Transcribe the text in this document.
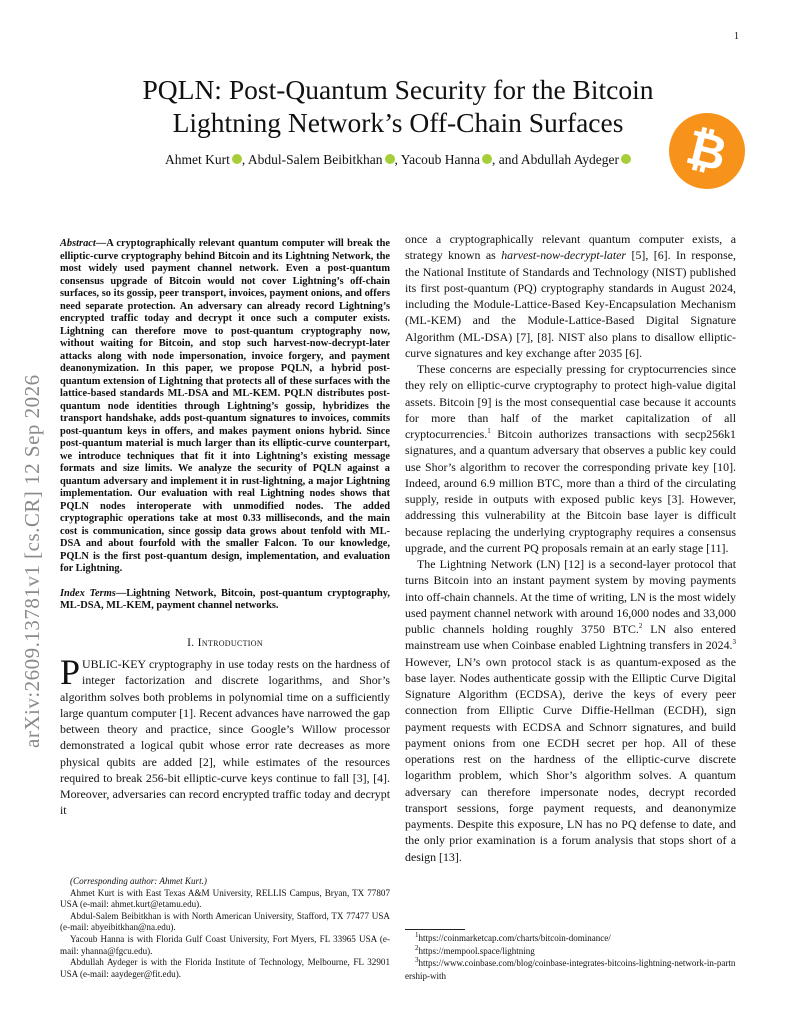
1
arXiv:2609.13781v1 [cs.CR] 12 Sep 2026
PQLN: Post-Quantum Security for the Bitcoin
Lightning Network’s Off-Chain Surfaces
Ahmet Kurt , Abdul-Salem Beibitkhan , Yacoub Hanna , and Abdullah Aydeger	₿

Abstract—A cryptographically relevant quantum computer will break the elliptic-curve cryptography behind Bitcoin and its Lightning Network, the most widely used payment channel network. Even a post-quantum consensus upgrade of Bitcoin would not cover Lightning’s off-chain surfaces, so its gossip, peer transport, invoices, payment onions, and offers need separate protection. An adversary can already record Lightning’s encrypted traffic today and decrypt it once such a computer exists. Lightning can therefore move to post-quantum cryptography now, without waiting for Bitcoin, and stop such harvest-now-decrypt-later attacks along with node impersonation, invoice forgery, and payment deanonymization. In this paper, we propose PQLN, a hybrid post-quantum extension of Lightning that protects all of these surfaces with the lattice-based standards ML-DSA and ML-KEM. PQLN distributes post-quantum node identities through Lightning’s gossip, hybridizes the transport handshake, adds post-quantum signatures to invoices, commits post-quantum keys in offers, and makes payment onions hybrid. Since post-quantum material is much larger than its elliptic-curve counterpart, we introduce techniques that fit it into Lightning’s existing message formats and size limits. We analyze the security of PQLN against a quantum adversary and implement it in rust-lightning, a major Lightning implementation. Our evaluation with real Lightning nodes shows that PQLN nodes interoperate with unmodified nodes. The added cryptographic operations take at most 0.33 milliseconds, and the main cost is communication, since gossip data grows about tenfold with ML-DSA and about fourfold with the smaller Falcon. To our knowledge, PQLN is the first post-quantum design, implementation, and evaluation for Lightning.

Index Terms—Lightning Network, Bitcoin, post-quantum cryptography, ML-DSA, ML-KEM, payment channel networks.

I. Introduction

PUBLIC-KEY cryptography in use today rests on the hardness of integer factorization and discrete logarithms, and Shor’s algorithm solves both problems in polynomial time on a sufficiently large quantum computer [1]. Recent advances have narrowed the gap between theory and practice, since Google’s Willow processor demonstrated a logical qubit whose error rate decreases as more physical qubits are added [2], while estimates of the resources required to break 256-bit elliptic-curve keys continue to fall [3], [4]. Moreover, adversaries can record encrypted traffic today and decrypt it

once a cryptographically relevant quantum computer exists, a strategy known as harvest-now-decrypt-later [5], [6]. In response, the National Institute of Standards and Technology (NIST) published its first post-quantum (PQ) cryptography standards in August 2024, including the Module-Lattice-Based Key-Encapsulation Mechanism (ML-KEM) and the Module-Lattice-Based Digital Signature Algorithm (ML-DSA) [7], [8]. NIST also plans to disallow elliptic-curve signatures and key exchange after 2035 [6].

These concerns are especially pressing for cryptocurrencies since they rely on elliptic-curve cryptography to protect high-value digital assets. Bitcoin [9] is the most consequential case because it accounts for more than half of the market capitalization of all cryptocurrencies.$^1$ Bitcoin authorizes transactions with secp256k1 signatures, and a quantum adversary that observes a public key could use Shor’s algorithm to recover the corresponding private key [10]. Indeed, around 6.9 million BTC, more than a third of the circulating supply, reside in outputs with exposed public keys [3]. However, addressing this vulnerability at the Bitcoin base layer is difficult because replacing the underlying cryptography requires a consensus upgrade, and the current PQ proposals remain at an early stage [11].

The Lightning Network (LN) [12] is a second-layer protocol that turns Bitcoin into an instant payment system by moving payments into off-chain channels. At the time of writing, LN is the most widely used payment channel network with around 16,000 nodes and 33,000 public channels holding roughly 3750 BTC.$^2$ LN also entered mainstream use when Coinbase enabled Lightning transfers in 2024.$^3$ However, LN’s own protocol stack is as quantum-exposed as the base layer. Nodes authenticate gossip with the Elliptic Curve Digital Signature Algorithm (ECDSA), derive the keys of every peer connection from Elliptic Curve Diffie-Hellman (ECDH), sign payment requests with ECDSA and Schnorr signatures, and build payment onions from one ECDH secret per hop. All of these operations rest on the hardness of the elliptic-curve discrete logarithm problem, which Shor’s algorithm solves. A quantum adversary can therefore impersonate nodes, decrypt recorded transport sessions, forge payment requests, and deanonymize payments. Despite this exposure, LN has no PQ defense to date, and the only prior examination is a forum analysis that stops short of a design [13].

(Corresponding author: Ahmet Kurt.)

Ahmet Kurt is with East Texas A&M University, RELLIS Campus, Bryan, TX 77807 USA (e-mail: ahmet.kurt@etamu.edu).

Abdul-Salem Beibitkhan is with North American University, Stafford, TX 77477 USA (e-mail: abyeibitkhan@na.edu).

Yacoub Hanna is with Florida Gulf Coast University, Fort Myers, FL 33965 USA (e-mail: yhanna@fgcu.edu).

Abdullah Aydeger is with the Florida Institute of Technology, Melbourne, FL 32901 USA (e-mail: aaydeger@fit.edu).

$^1$https://coinmarketcap.com/charts/bitcoin-dominance/

$^2$https://mempool.space/lightning

$^3$https://www.coinbase.com/blog/coinbase-integrates-bitcoins-lightning-network-in-partnership-with
